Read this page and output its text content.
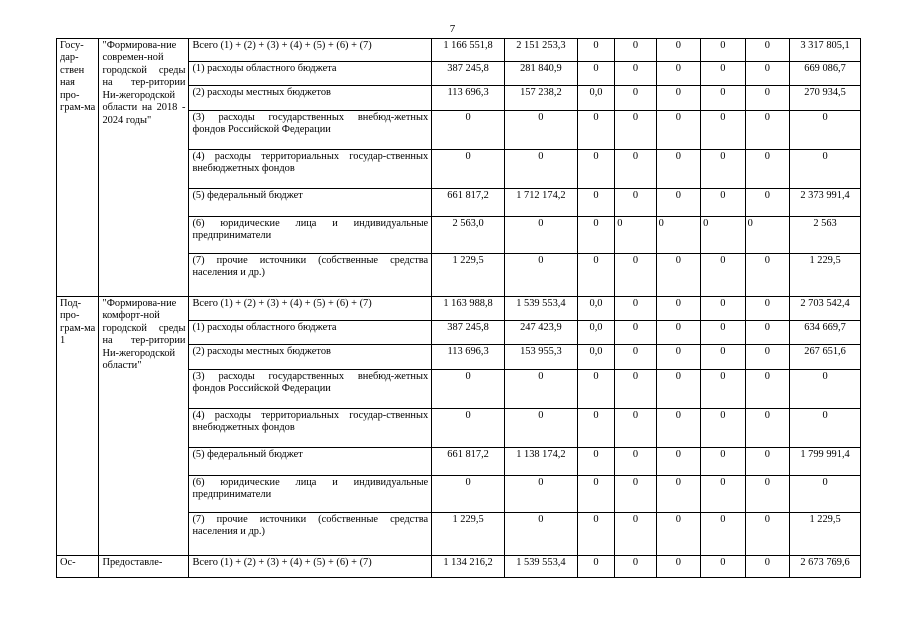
7
Госу-дар-ствен ная про-грам-ма	"Формирова-ние современ-ной городской среды на тер-ритории Ни-жегородской области на 2018 - 2024 годы"	Всего (1) + (2) + (3) + (4) + (5) + (6) + (7)	1 166 551,8	2 151 253,3	0	0	0	0	0	3 317 805,1
		(1) расходы областного бюджета	387 245,8	281 840,9	0	0	0	0	0	669 086,7
		(2) расходы местных бюджетов	113 696,3	157 238,2	0,0	0	0	0	0	270 934,5
		(3) расходы государственных внебюд-жетных фондов Российской Федерации	0	0	0	0	0	0	0	0
		(4) расходы территориальных государ-ственных внебюджетных фондов	0	0	0	0	0	0	0	0
		(5) федеральный бюджет	661 817,2	1 712 174,2	0	0	0	0	0	2 373 991,4
		(6) юридические лица и индивидуальные предприниматели	2 563,0	0	0	0	0	0	0	2 563
		(7) прочие источники (собственные средства населения и др.)	1 229,5	0	0	0	0	0	0	1 229,5
Под-про-грам-ма 1	"Формирова-ние комфорт-ной городской среды на тер-ритории Ни-жегородской области"	Всего (1) + (2) + (3) + (4) + (5) + (6) + (7)	1 163 988,8	1 539 553,4	0,0	0	0	0	0	2 703 542,4
		(1) расходы областного бюджета	387 245,8	247 423,9	0,0	0	0	0	0	634 669,7
		(2) расходы местных бюджетов	113 696,3	153 955,3	0,0	0	0	0	0	267 651,6
		(3) расходы государственных внебюд-жетных фондов Российской Федерации	0	0	0	0	0	0	0	0
		(4) расходы территориальных государ-ственных внебюджетных фондов	0	0	0	0	0	0	0	0
		(5) федеральный бюджет	661 817,2	1 138 174,2	0	0	0	0	0	1 799 991,4
		(6) юридические лица и индивидуальные предприниматели	0	0	0	0	0	0	0	0
		(7) прочие источники (собственные средства населения и др.)	1 229,5	0	0	0	0	0	0	1 229,5
Ос-	Предоставле-	Всего (1) + (2) + (3) + (4) + (5) + (6) + (7)	1 134 216,2	1 539 553,4	0	0	0	0	0	2 673 769,6
